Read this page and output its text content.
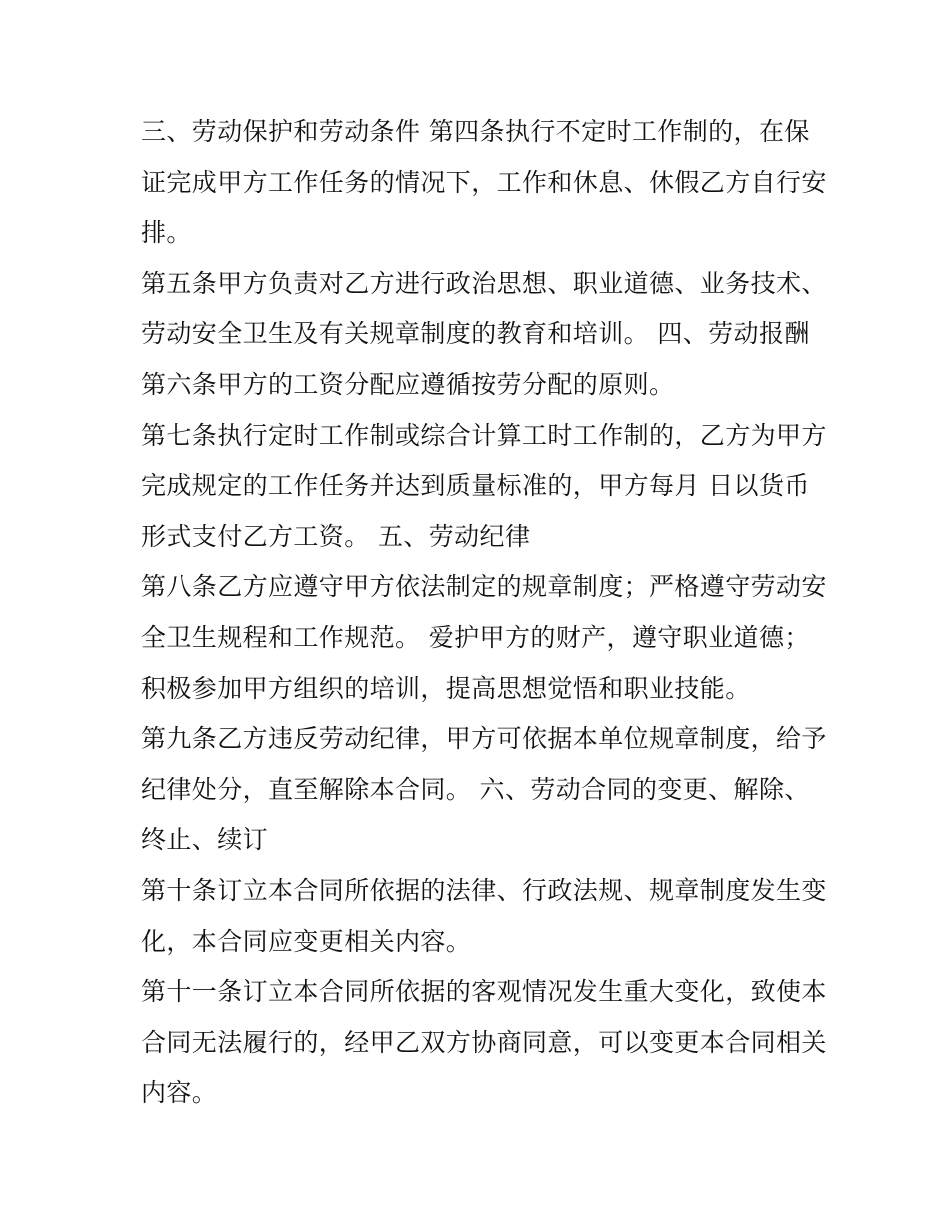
三、劳动保护和劳动条件 第四条执行不定时工作制的，在保
证完成甲方工作任务的情况下，工作和休息、休假乙方自行安
排。

第五条甲方负责对乙方进行政治思想、职业道德、业务技术、
劳动安全卫生及有关规章制度的教育和培训。 四、劳动报酬

第六条甲方的工资分配应遵循按劳分配的原则。

第七条执行定时工作制或综合计算工时工作制的，乙方为甲方
完成规定的工作任务并达到质量标准的，甲方每月 日以货币
形式支付乙方工资。 五、劳动纪律

第八条乙方应遵守甲方依法制定的规章制度；严格遵守劳动安
全卫生规程和工作规范。 爱护甲方的财产，遵守职业道德；
积极参加甲方组织的培训，提高思想觉悟和职业技能。

第九条乙方违反劳动纪律，甲方可依据本单位规章制度，给予
纪律处分，直至解除本合同。 六、劳动合同的变更、解除、
终止、续订

第十条订立本合同所依据的法律、行政法规、规章制度发生变
化，本合同应变更相关内容。

第十一条订立本合同所依据的客观情况发生重大变化，致使本
合同无法履行的，经甲乙双方协商同意，可以变更本合同相关
内容。
